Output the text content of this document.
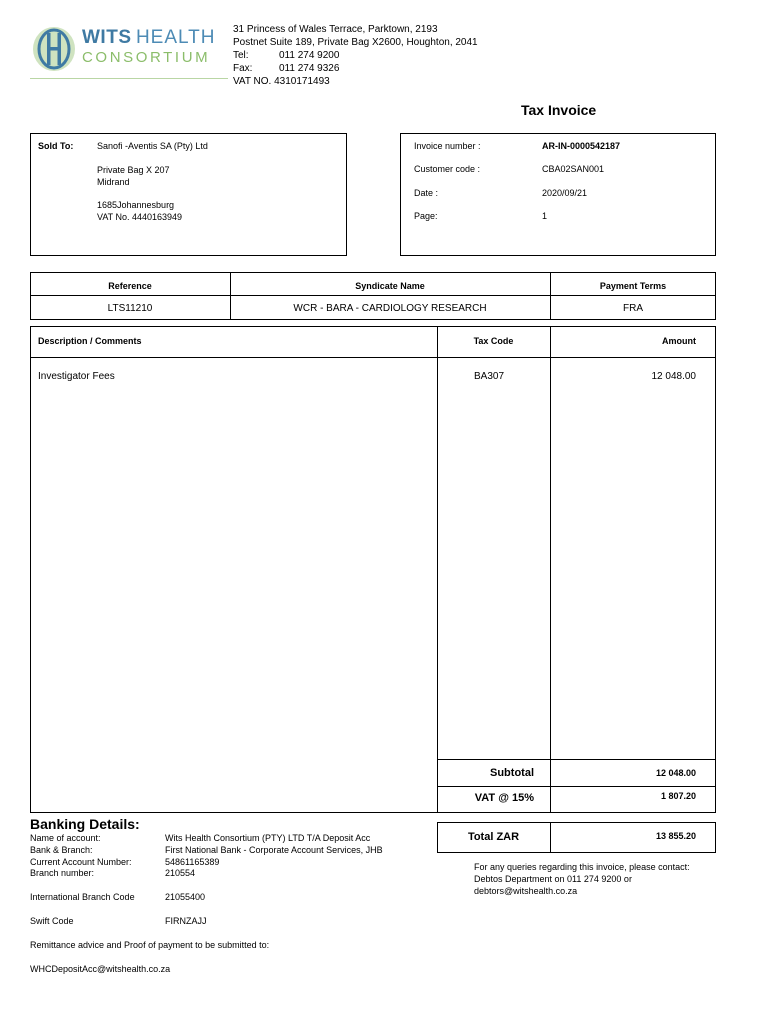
WITS HEALTH
CONSORTIUM
31 Princess of Wales Terrace, Parktown, 2193
Postnet Suite 189, Private Bag X2600, Houghton, 2041
Tel:	011 274 9200
Fax:	011 274 9326
VAT NO. 4310171493
Tax Invoice
Sold To:	Sanofi -Aventis SA (Pty) Ltd
Private Bag X 207
Midrand
1685Johannesburg
VAT No. 4440163949
Invoice number :	AR-IN-0000542187
Customer code :	CBA02SAN001
Date :	2020/09/21
Page:	1
Reference	Syndicate Name	Payment Terms
LTS11210	WCR - BARA - CARDIOLOGY RESEARCH	FRA
Description / Comments	Tax Code	Amount
Investigator Fees	BA307	12 048.00
Subtotal	12 048.00
VAT @ 15%	1 807.20
Total ZAR	13 855.20
For any queries regarding this invoice, please contact:
Debtos Department on 011 274 9200 or
debtors@witshealth.co.za
Banking Details:
Name of account:	Wits Health Consortium (PTY) LTD T/A Deposit Acc
Bank & Branch:	First National Bank - Corporate Account Services, JHB
Current Account Number:	54861165389
Branch number:	210554
International Branch Code	21055400
Swift Code	FIRNZAJJ
Remittance advice and Proof of payment to be submitted to:
WHCDepositAcc@witshealth.co.za
